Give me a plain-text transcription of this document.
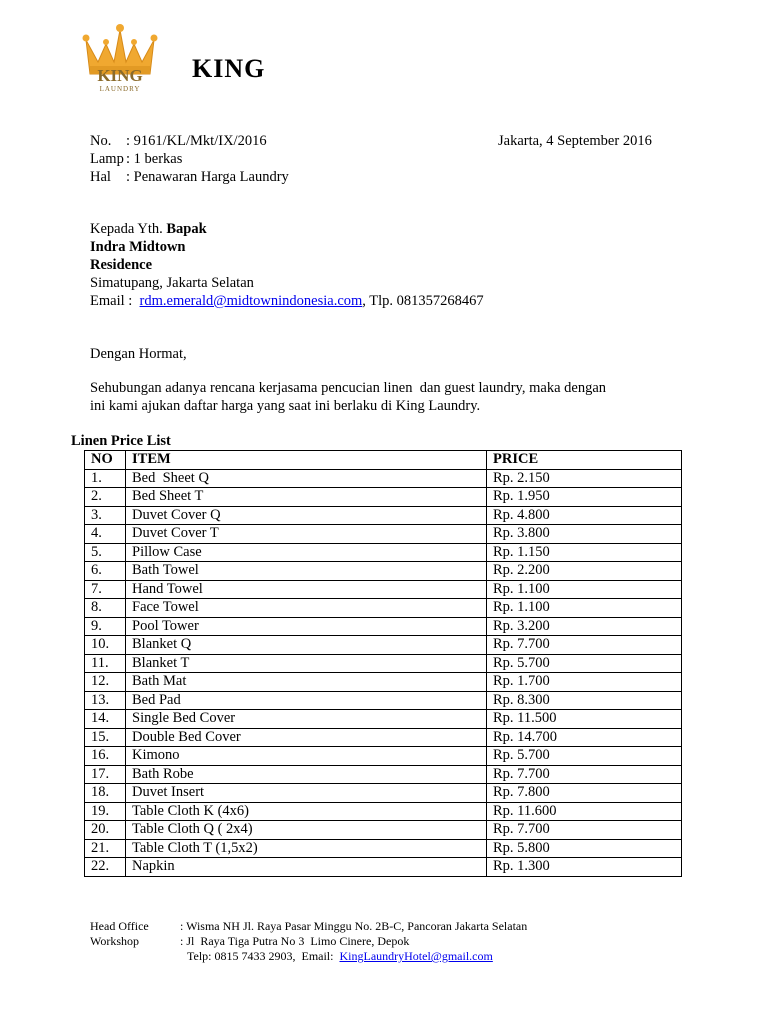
KING
LAUNDRY
KING
No.	: 9161/KL/Mkt/IX/2016
Lamp : 1 berkas
Hal	: Penawaran Harga Laundry
Jakarta, 4 September 2016
Kepada Yth. Bapak
Indra Midtown
Residence
Simatupang, Jakarta Selatan
Email :  rdm.emerald@midtownindonesia.com, Tlp. 081357268467
Dengan Hormat,
Sehubungan adanya rencana kerjasama pencucian linen  dan guest laundry, maka dengan
ini kami ajukan daftar harga yang saat ini berlaku di King Laundry.
Linen Price List
NO	ITEM	PRICE
1.	Bed  Sheet Q	Rp. 2.150
2.	Bed Sheet T	Rp. 1.950
3.	Duvet Cover Q	Rp. 4.800
4.	Duvet Cover T	Rp. 3.800
5.	Pillow Case	Rp. 1.150
6.	Bath Towel	Rp. 2.200
7.	Hand Towel	Rp. 1.100
8.	Face Towel	Rp. 1.100
9.	Pool Tower	Rp. 3.200
10.	Blanket Q	Rp. 7.700
11.	Blanket T	Rp. 5.700
12.	Bath Mat	Rp. 1.700
13.	Bed Pad	Rp. 8.300
14.	Single Bed Cover	Rp. 11.500
15.	Double Bed Cover	Rp. 14.700
16.	Kimono	Rp. 5.700
17.	Bath Robe	Rp. 7.700
18.	Duvet Insert	Rp. 7.800
19.	Table Cloth K (4x6)	Rp. 11.600
20.	Table Cloth Q ( 2x4)	Rp. 7.700
21.	Table Cloth T (1,5x2)	Rp. 5.800
22.	Napkin	Rp. 1.300
Head Office	: Wisma NH Jl. Raya Pasar Minggu No. 2B-C, Pancoran Jakarta Selatan
Workshop	: Jl  Raya Tiga Putra No 3  Limo Cinere, Depok
Telp: 0815 7433 2903,  Email: KingLaundryHotel@gmail.com
